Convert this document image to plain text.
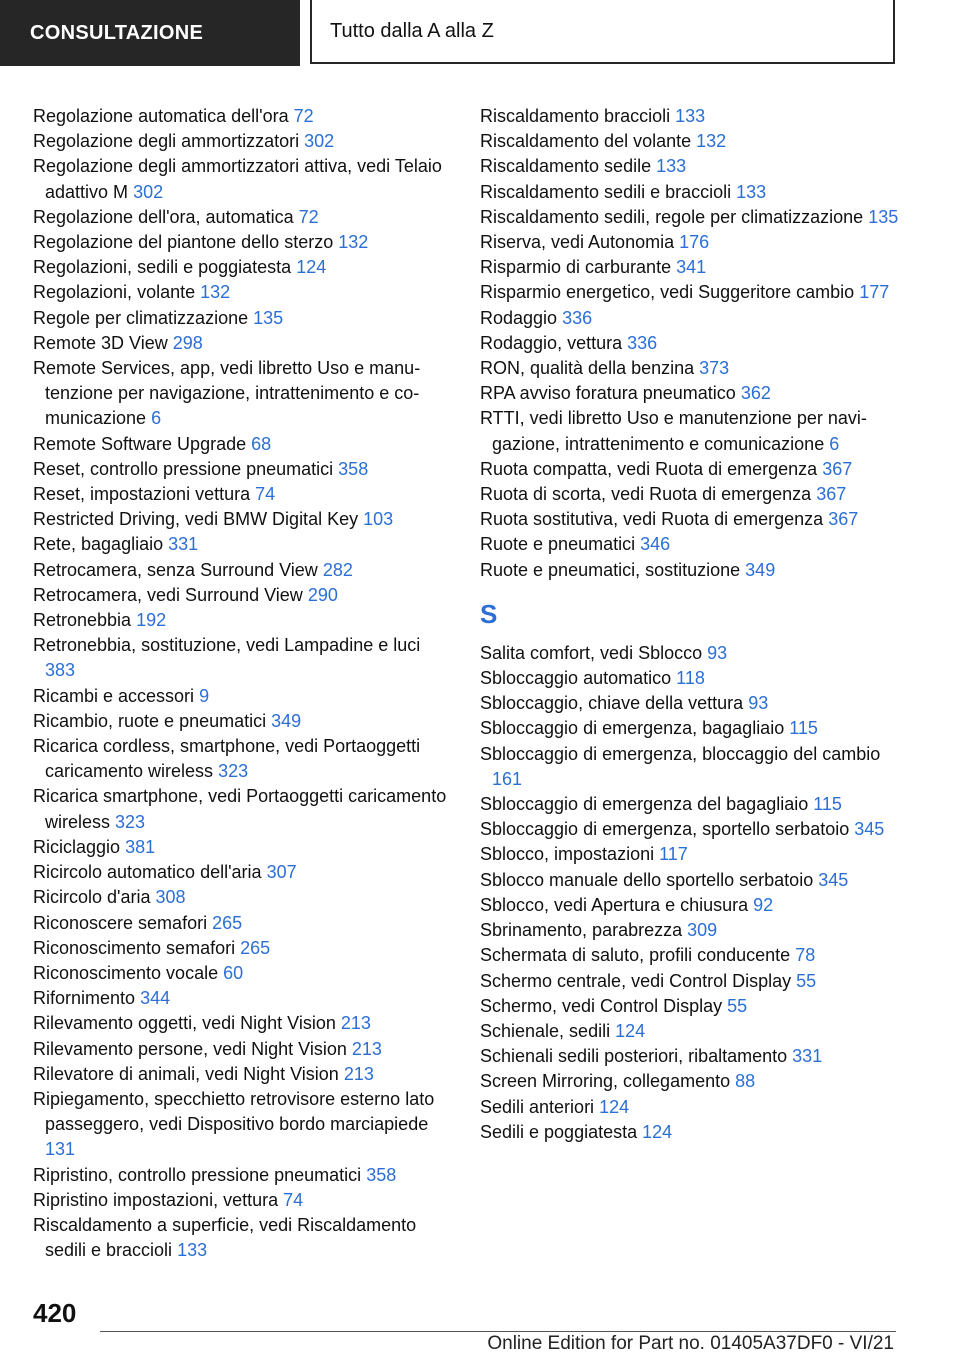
CONSULTAZIONE	Tutto dalla A alla Z
Regolazione automatica dell'ora 72
Regolazione degli ammortizzatori 302
Regolazione degli ammortizzatori attiva, vedi Telaio adattivo M 302
Regolazione dell'ora, automatica 72
Regolazione del piantone dello sterzo 132
Regolazioni, sedili e poggiatesta 124
Regolazioni, volante 132
Regole per climatizzazione 135
Remote 3D View 298
Remote Services, app, vedi libretto Uso e manutenzione per navigazione, intrattenimento e comunicazione 6
Remote Software Upgrade 68
Reset, controllo pressione pneumatici 358
Reset, impostazioni vettura 74
Restricted Driving, vedi BMW Digital Key 103
Rete, bagagliaio 331
Retrocamera, senza Surround View 282
Retrocamera, vedi Surround View 290
Retronebbia 192
Retronebbia, sostituzione, vedi Lampadine e luci 383
Ricambi e accessori 9
Ricambio, ruote e pneumatici 349
Ricarica cordless, smartphone, vedi Portaoggetti caricamento wireless 323
Ricarica smartphone, vedi Portaoggetti caricamento wireless 323
Riciclaggio 381
Ricircolo automatico dell'aria 307
Ricircolo d'aria 308
Riconoscere semafori 265
Riconoscimento semafori 265
Riconoscimento vocale 60
Rifornimento 344
Rilevamento oggetti, vedi Night Vision 213
Rilevamento persone, vedi Night Vision 213
Rilevatore di animali, vedi Night Vision 213
Ripiegamento, specchietto retrovisore esterno lato passeggero, vedi Dispositivo bordo marciapiede 131
Ripristino, controllo pressione pneumatici 358
Ripristino impostazioni, vettura 74
Riscaldamento a superficie, vedi Riscaldamento sedili e braccioli 133
Riscaldamento braccioli 133
Riscaldamento del volante 132
Riscaldamento sedile 133
Riscaldamento sedili e braccioli 133
Riscaldamento sedili, regole per climatizzazione 135
Riserva, vedi Autonomia 176
Risparmio di carburante 341
Risparmio energetico, vedi Suggeritore cambio 177
Rodaggio 336
Rodaggio, vettura 336
RON, qualità della benzina 373
RPA avviso foratura pneumatico 362
RTTI, vedi libretto Uso e manutenzione per navigazione, intrattenimento e comunicazione 6
Ruota compatta, vedi Ruota di emergenza 367
Ruota di scorta, vedi Ruota di emergenza 367
Ruota sostitutiva, vedi Ruota di emergenza 367
Ruote e pneumatici 346
Ruote e pneumatici, sostituzione 349
S
Salita comfort, vedi Sblocco 93
Sbloccaggio automatico 118
Sbloccaggio, chiave della vettura 93
Sbloccaggio di emergenza, bagagliaio 115
Sbloccaggio di emergenza, bloccaggio del cambio 161
Sbloccaggio di emergenza del bagagliaio 115
Sbloccaggio di emergenza, sportello serbatoio 345
Sblocco, impostazioni 117
Sblocco manuale dello sportello serbatoio 345
Sblocco, vedi Apertura e chiusura 92
Sbrinamento, parabrezza 309
Schermata di saluto, profili conducente 78
Schermo centrale, vedi Control Display 55
Schermo, vedi Control Display 55
Schienale, sedili 124
Schienali sedili posteriori, ribaltamento 331
Screen Mirroring, collegamento 88
Sedili anteriori 124
Sedili e poggiatesta 124
420
Online Edition for Part no. 01405A37DF0 - VI/21
